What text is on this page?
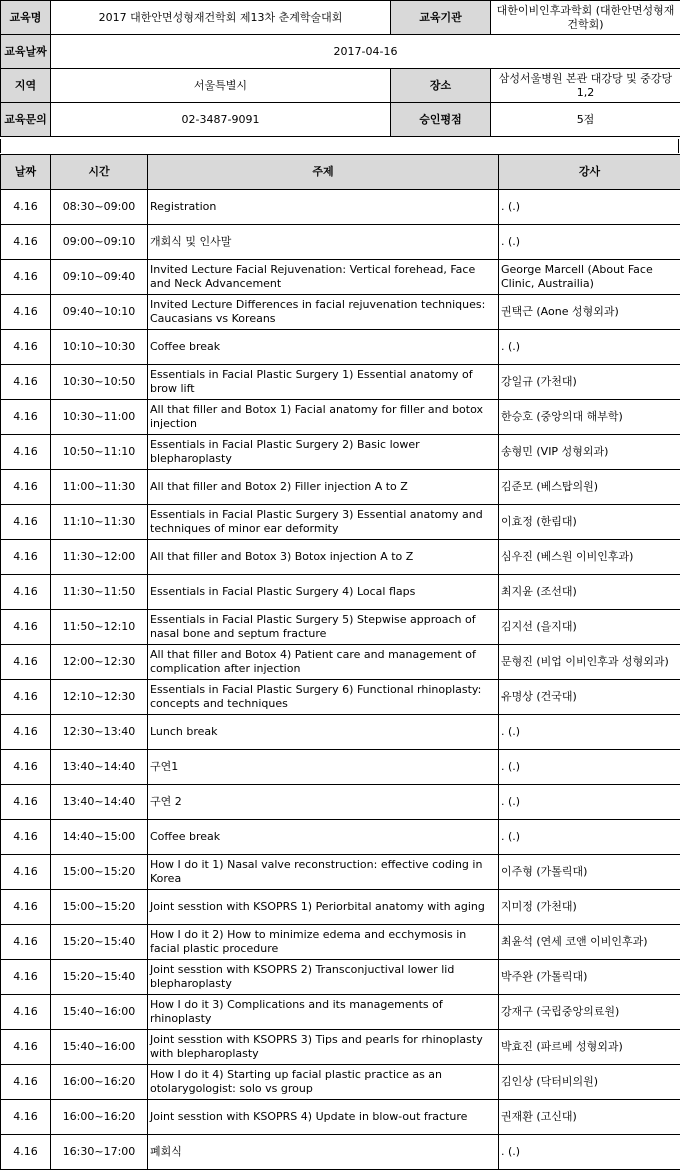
교육명	2017 대한안면성형재건학회 제13차 춘계학술대회	교육기관	대한이비인후과학회 (대한안면성형재건학회)
교육날짜	2017-04-16		
지역	서울특별시	장소	삼성서울병원 본관 대강당 및 중강당 1,2
교육문의	02-3487-9091	승인평점	5점
날짜	시간	주제	강사
4.16	08:30~09:00	Registration	. (.)
4.16	09:00~09:10	개회식 및 인사말	. (.)
4.16	09:10~09:40	Invited Lecture Facial Rejuvenation: Vertical forehead, Face and Neck Advancement	George Marcell (About Face Clinic, Austrailia)
4.16	09:40~10:10	Invited Lecture Differences in facial rejuvenation techniques: Caucasians vs Koreans	권택근 (Aone 성형외과)
4.16	10:10~10:30	Coffee break	. (.)
4.16	10:30~10:50	Essentials in Facial Plastic Surgery 1) Essential anatomy of brow lift	강일규 (가천대)
4.16	10:30~11:00	All that filler and Botox 1) Facial anatomy for filler and botox injection	한승호 (중앙의대 해부학)
4.16	10:50~11:10	Essentials in Facial Plastic Surgery 2) Basic lower blepharoplasty	송형민 (VIP 성형외과)
4.16	11:00~11:30	All that filler and Botox 2) Filler injection A to Z	김준모 (베스탑의원)
4.16	11:10~11:30	Essentials in Facial Plastic Surgery 3) Essential anatomy and techniques of minor ear deformity	이효정 (한림대)
4.16	11:30~12:00	All that filler and Botox 3) Botox injection A to Z	심우진 (베스원 이비인후과)
4.16	11:30~11:50	Essentials in Facial Plastic Surgery 4) Local flaps	최지윤 (조선대)
4.16	11:50~12:10	Essentials in Facial Plastic Surgery 5) Stepwise approach of nasal bone and septum fracture	김지선 (을지대)
4.16	12:00~12:30	All that filler and Botox 4) Patient care and management of complication after injection	문형진 (비업 이비인후과 성형외과)
4.16	12:10~12:30	Essentials in Facial Plastic Surgery 6) Functional rhinoplasty: concepts and techniques	유명상 (건국대)
4.16	12:30~13:40	Lunch break	. (.)
4.16	13:40~14:40	구연1	. (.)
4.16	13:40~14:40	구연 2	. (.)
4.16	14:40~15:00	Coffee break	. (.)
4.16	15:00~15:20	How I do it 1) Nasal valve reconstruction: effective coding in Korea	이주형 (가톨릭대)
4.16	15:00~15:20	Joint sesstion with KSOPRS 1) Periorbital anatomy with aging	지미정 (가천대)
4.16	15:20~15:40	How I do it 2) How to minimize edema and ecchymosis in facial plastic procedure	최윤석 (연세 코앤 이비인후과)
4.16	15:20~15:40	Joint sesstion with KSOPRS 2) Transconjuctival lower lid blepharoplasty	박주완 (가톨릭대)
4.16	15:40~16:00	How I do it 3) Complications and its managements of rhinoplasty	강재구 (국립중앙의료원)
4.16	15:40~16:00	Joint sesstion with KSOPRS 3) Tips and pearls for rhinoplasty with blepharoplasty	박효진 (파르베 성형외과)
4.16	16:00~16:20	How I do it 4) Starting up facial plastic practice as an otolarygologist: solo vs group	김인상 (닥터비의원)
4.16	16:00~16:20	Joint sesstion with KSOPRS 4) Update in blow-out fracture	권재환 (고신대)
4.16	16:30~17:00	폐회식	. (.)
